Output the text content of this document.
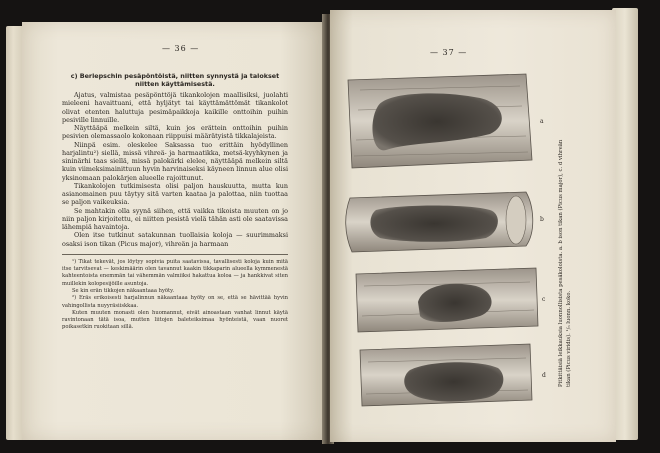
— 36 —
c) Berlepschin pesäpöntöistä, niitten synnystä ja talokset niitten käyttämisestä.

Ajatus, valmistaa pesäpönttöjä tikankolojen maallisiksi, juolahti mieleeni havaittuani, että hyljätyt tai käyttämättömät tikankolot olivat etenten haluttuja pesimäpaikkoja kaikille onttoihin puihin pesiville linnuille.

Näyttääpä melkein siltä, kuin jos erättein onttoihin puihin pesivien olemassaolo kokonaan riippuisi määrätyistä tikkalajeista.

Niinpä esim. oleskelee Saksassa tuo erittäin hyödyllinen harjalintu²) siellä, missä vihreä- ja harmaatikka, metsä-kyyhkynen ja sininärhi taas siellä, missä palokärki eleleе, näyttääpä melkein siltä kuin viimeksimainittuun hyvin harvinaiseksi käyneen linnun alue olisi yksinomaan palokärjen alueelle rajoittunut.

Tikankolojen tutkimisesta olisi paljon hauskuutta, mutta kun asianomainen puu täytyy sitä varten kaataa ja palottaa, niin tuottaa se paljon vaikeuksia.

Se mahtakin olla syynä siihen, että vaikka tikoista muuten on jo niin paljon kirjoitettu, ei niitten pesistä vielä tähän asti ole saatavissa lähempiä havaintoja.

Olen itse tutkinut satakunnan tuollaisia koloja — suurimmaksi osaksi ison tikan (Picus major), vihreän ja harmaan

¹) Tikat tekevät, jos löytyy sopivia puita saatavissa, tavallisesti koloja kuin mitä itse tarvitsevat — keskimäärin olen tavannut kaakin tikkaparin alueella kymmenestä kahteentoista enemmän tai vähemmän valmiiksi hakattua koloa — ja hankkivat siten muillekin kolopesijöille asuntoja.

Se kin erän tikkojen näkaantaaa hyöty.

²) Eräs erikoisesti harjalinnun näkaantaaa hyöty on se, että se hävittää hyvin vahingollista nuyyräsiiskkaa.

Kuten muuten monasti olen huomannut, eivät ainoastaan vanhat linnut käytä ravintonaan tätä isoa, mutten liitojen baleteiksimaa hyönteistä, vaan nuoret poikasetkin ruokitaan sillä.

— 37 —
a
b
c
d Pitkittäisiä leikkauksia luonnollisista pesäkoloista. a. b ison tikan (Picus major), c. d vihreän tikan (Picus viridis). ¹/₆ luonn. koko.
